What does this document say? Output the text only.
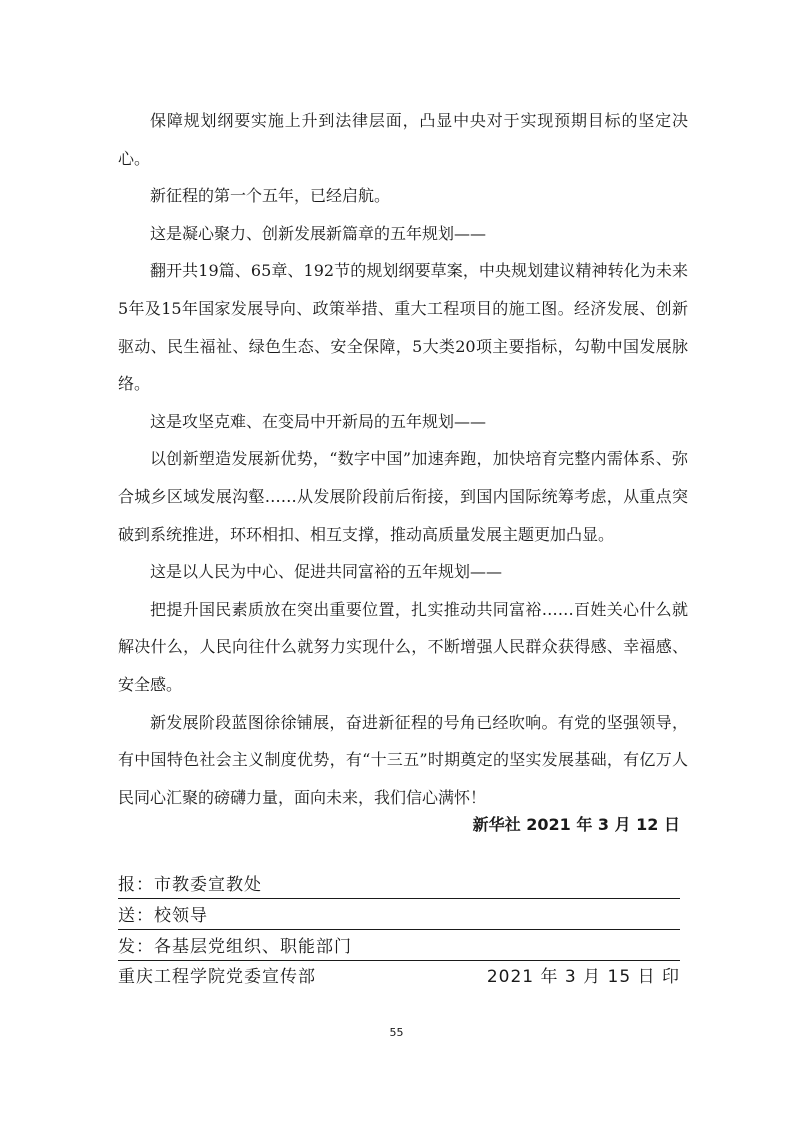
保障规划纲要实施上升到法律层面，凸显中央对于实现预期目标的坚定决心。

新征程的第一个五年，已经启航。

这是凝心聚力、创新发展新篇章的五年规划——

翻开共19篇、65章、192节的规划纲要草案，中央规划建议精神转化为未来5年及15年国家发展导向、政策举措、重大工程项目的施工图。经济发展、创新驱动、民生福祉、绿色生态、安全保障，5大类20项主要指标，勾勒中国发展脉络。

这是攻坚克难、在变局中开新局的五年规划——

以创新塑造发展新优势，“数字中国”加速奔跑，加快培育完整内需体系、弥合城乡区域发展沟壑……从发展阶段前后衔接，到国内国际统筹考虑，从重点突破到系统推进，环环相扣、相互支撑，推动高质量发展主题更加凸显。

这是以人民为中心、促进共同富裕的五年规划——

把提升国民素质放在突出重要位置，扎实推动共同富裕……百姓关心什么就解决什么，人民向往什么就努力实现什么，不断增强人民群众获得感、幸福感、安全感。

新发展阶段蓝图徐徐铺展，奋进新征程的号角已经吹响。有党的坚强领导，有中国特色社会主义制度优势，有“十三五”时期奠定的坚实发展基础，有亿万人民同心汇聚的磅礴力量，面向未来，我们信心满怀！

新华社 2021 年 3 月 12 日
报：市教委宣教处
送：校领导
发：各基层党组织、职能部门
重庆工程学院党委宣传部	2021 年 3 月 15 日 印
55
